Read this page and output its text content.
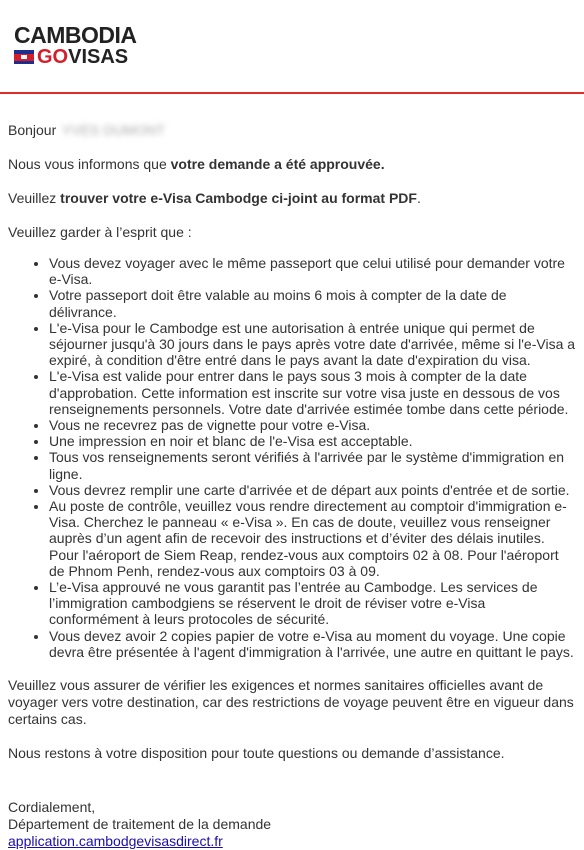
CAMBODIA
GO VISAS

Bonjour YVES DUMONT

Nous vous informons que votre demande a été approuvée.

Veuillez trouver votre e-Visa Cambodge ci-joint au format PDF.

Veuillez garder à l’esprit que :

• Vous devez voyager avec le même passeport que celui utilisé pour demander votre e-Visa.
• Votre passeport doit être valable au moins 6 mois à compter de la date de délivrance.
• L'e-Visa pour le Cambodge est une autorisation à entrée unique qui permet de séjourner jusqu'à 30 jours dans le pays après votre date d'arrivée, même si l'e-Visa a expiré, à condition d'être entré dans le pays avant la date d'expiration du visa.
• L'e-Visa est valide pour entrer dans le pays sous 3 mois à compter de la date d'approbation. Cette information est inscrite sur votre visa juste en dessous de vos renseignements personnels. Votre date d'arrivée estimée tombe dans cette période.
• Vous ne recevrez pas de vignette pour votre e-Visa.
• Une impression en noir et blanc de l'e-Visa est acceptable.
• Tous vos renseignements seront vérifiés à l'arrivée par le système d'immigration en ligne.
• Vous devrez remplir une carte d'arrivée et de départ aux points d'entrée et de sortie.
• Au poste de contrôle, veuillez vous rendre directement au comptoir d'immigration e-Visa. Cherchez le panneau « e-Visa ». En cas de doute, veuillez vous renseigner auprès d’un agent afin de recevoir des instructions et d’éviter des délais inutiles. Pour l'aéroport de Siem Reap, rendez-vous aux comptoirs 02 à 08. Pour l'aéroport de Phnom Penh, rendez-vous aux comptoirs 03 à 09.
• L’e-Visa approuvé ne vous garantit pas l’entrée au Cambodge. Les services de l’immigration cambodgiens se réservent le droit de réviser votre e-Visa conformément à leurs protocoles de sécurité.
• Vous devez avoir 2 copies papier de votre e-Visa au moment du voyage. Une copie devra être présentée à l'agent d'immigration à l'arrivée, une autre en quittant le pays.

Veuillez vous assurer de vérifier les exigences et normes sanitaires officielles avant de voyager vers votre destination, car des restrictions de voyage peuvent être en vigueur dans certains cas.

Nous restons à votre disposition pour toute questions ou demande d’assistance.

Cordialement,

Département de traitement de la demande

application.cambodgevisasdirect.fr
